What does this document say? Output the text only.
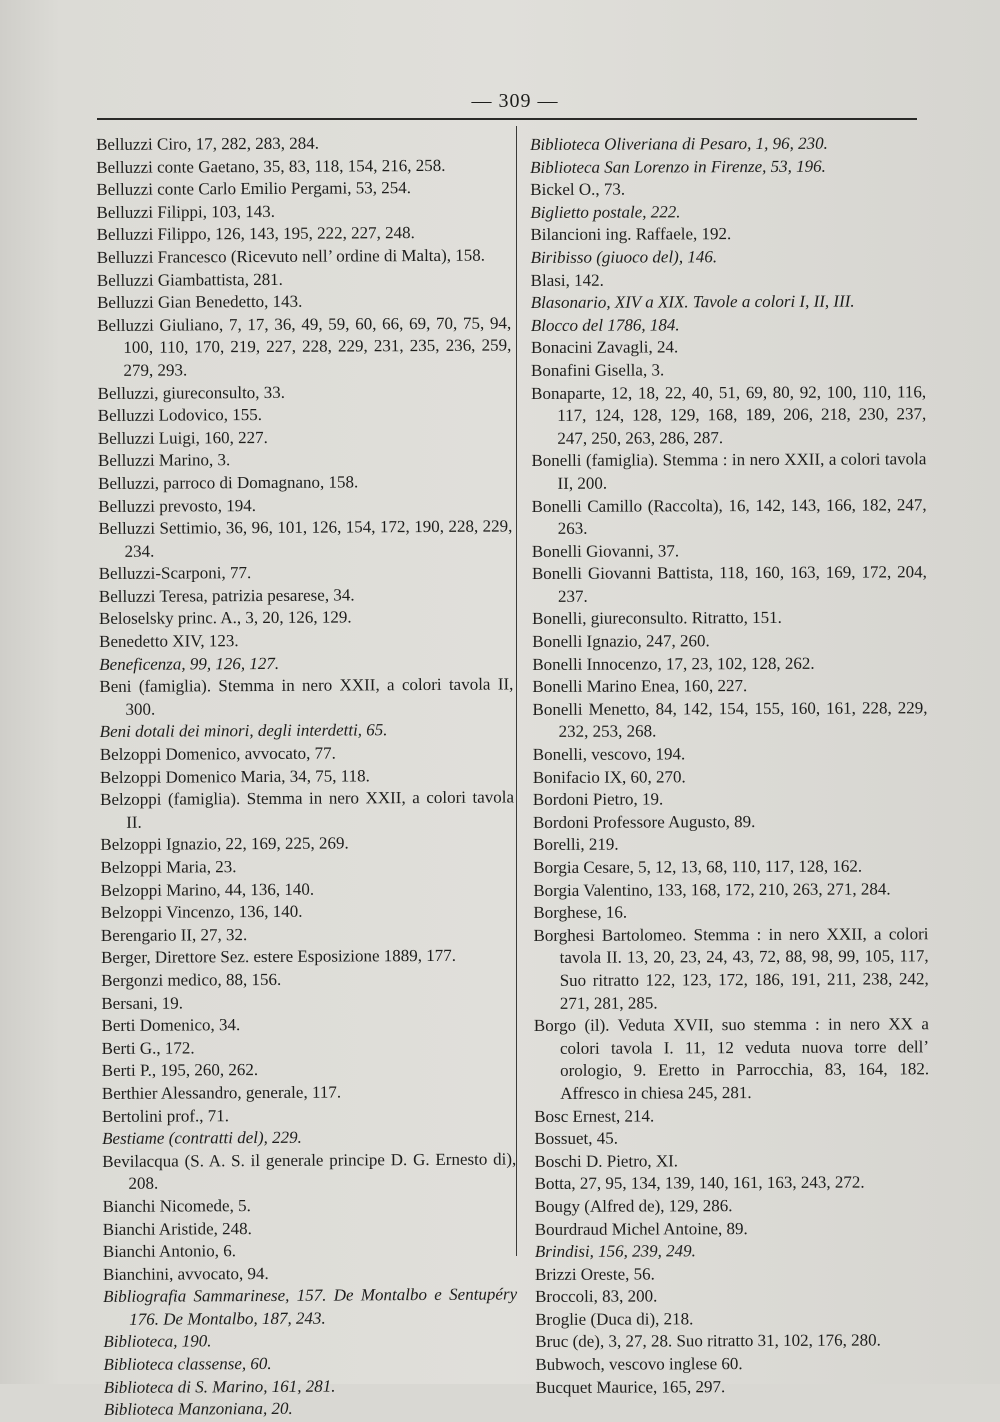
— 309 —

Belluzzi Ciro, 17, 282, 283, 284.

Belluzzi conte Gaetano, 35, 83, 118, 154, 216, 258.

Belluzzi conte Carlo Emilio Pergami, 53, 254.

Belluzzi Filippi, 103, 143.

Belluzzi Filippo, 126, 143, 195, 222, 227, 248.

Belluzzi Francesco (Ricevuto nell’ ordine di Malta), 158.

Belluzzi Giambattista, 281.

Belluzzi Gian Benedetto, 143.

Belluzzi Giuliano, 7, 17, 36, 49, 59, 60, 66, 69, 70, 75, 94, 100, 110, 170, 219, 227, 228, 229, 231, 235, 236, 259, 279, 293.

Belluzzi, giureconsulto, 33.

Belluzzi Lodovico, 155.

Belluzzi Luigi, 160, 227.

Belluzzi Marino, 3.

Belluzzi, parroco di Domagnano, 158.

Belluzzi prevosto, 194.

Belluzzi Settimio, 36, 96, 101, 126, 154, 172, 190, 228, 229, 234.

Belluzzi-Scarponi, 77.

Belluzzi Teresa, patrizia pesarese, 34.

Beloselsky princ. A., 3, 20, 126, 129.

Benedetto XIV, 123.

Beneficenza, 99, 126, 127.

Beni (famiglia). Stemma in nero XXII, a colori tavola II, 300.

Beni dotali dei minori, degli interdetti, 65.

Belzoppi Domenico, avvocato, 77.

Belzoppi Domenico Maria, 34, 75, 118.

Belzoppi (famiglia). Stemma in nero XXII, a colori tavola II.

Belzoppi Ignazio, 22, 169, 225, 269.

Belzoppi Maria, 23.

Belzoppi Marino, 44, 136, 140.

Belzoppi Vincenzo, 136, 140.

Berengario II, 27, 32.

Berger, Direttore Sez. estere Esposizione 1889, 177.

Bergonzi medico, 88, 156.

Bersani, 19.

Berti Domenico, 34.

Berti G., 172.

Berti P., 195, 260, 262.

Berthier Alessandro, generale, 117.

Bertolini prof., 71.

Bestiame (contratti del), 229.

Bevilacqua (S. A. S. il generale principe D. G. Ernesto di), 208.

Bianchi Nicomede, 5.

Bianchi Aristide, 248.

Bianchi Antonio, 6.

Bianchini, avvocato, 94.

Bibliografia Sammarinese, 157. De Montalbo e Sentupéry 176. De Montalbo, 187, 243.

Biblioteca, 190.

Biblioteca classense, 60.

Biblioteca di S. Marino, 161, 281.

Biblioteca Manzoniana, 20.

Biblioteca Oliveriana di Pesaro, 1, 96, 230.

Biblioteca San Lorenzo in Firenze, 53, 196.

Bickel O., 73.

Biglietto postale, 222.

Bilancioni ing. Raffaele, 192.

Biribisso (giuoco del), 146.

Blasi, 142.

Blasonario, XIV a XIX. Tavole a colori I, II, III.

Blocco del 1786, 184.

Bonacini Zavagli, 24.

Bonafini Gisella, 3.

Bonaparte, 12, 18, 22, 40, 51, 69, 80, 92, 100, 110, 116, 117, 124, 128, 129, 168, 189, 206, 218, 230, 237, 247, 250, 263, 286, 287.

Bonelli (famiglia). Stemma : in nero XXII, a colori tavola II, 200.

Bonelli Camillo (Raccolta), 16, 142, 143, 166, 182, 247, 263.

Bonelli Giovanni, 37.

Bonelli Giovanni Battista, 118, 160, 163, 169, 172, 204, 237.

Bonelli, giureconsulto. Ritratto, 151.

Bonelli Ignazio, 247, 260.

Bonelli Innocenzo, 17, 23, 102, 128, 262.

Bonelli Marino Enea, 160, 227.

Bonelli Menetto, 84, 142, 154, 155, 160, 161, 228, 229, 232, 253, 268.

Bonelli, vescovo, 194.

Bonifacio IX, 60, 270.

Bordoni Pietro, 19.

Bordoni Professore Augusto, 89.

Borelli, 219.

Borgia Cesare, 5, 12, 13, 68, 110, 117, 128, 162.

Borgia Valentino, 133, 168, 172, 210, 263, 271, 284.

Borghese, 16.

Borghesi Bartolomeo. Stemma : in nero XXII, a colori tavola II. 13, 20, 23, 24, 43, 72, 88, 98, 99, 105, 117, Suo ritratto 122, 123, 172, 186, 191, 211, 238, 242, 271, 281, 285.

Borgo (il). Veduta XVII, suo stemma : in nero XX a colori tavola I. 11, 12 veduta nuova torre dell’ orologio, 9. Eretto in Parrocchia, 83, 164, 182. Affresco in chiesa 245, 281.

Bosc Ernest, 214.

Bossuet, 45.

Boschi D. Pietro, XI.

Botta, 27, 95, 134, 139, 140, 161, 163, 243, 272.

Bougy (Alfred de), 129, 286.

Bourdraud Michel Antoine, 89.

Brindisi, 156, 239, 249.

Brizzi Oreste, 56.

Broccoli, 83, 200.

Broglie (Duca di), 218.

Bruc (de), 3, 27, 28. Suo ritratto 31, 102, 176, 280.

Bubwoch, vescovo inglese 60.

Bucquet Maurice, 165, 297.
